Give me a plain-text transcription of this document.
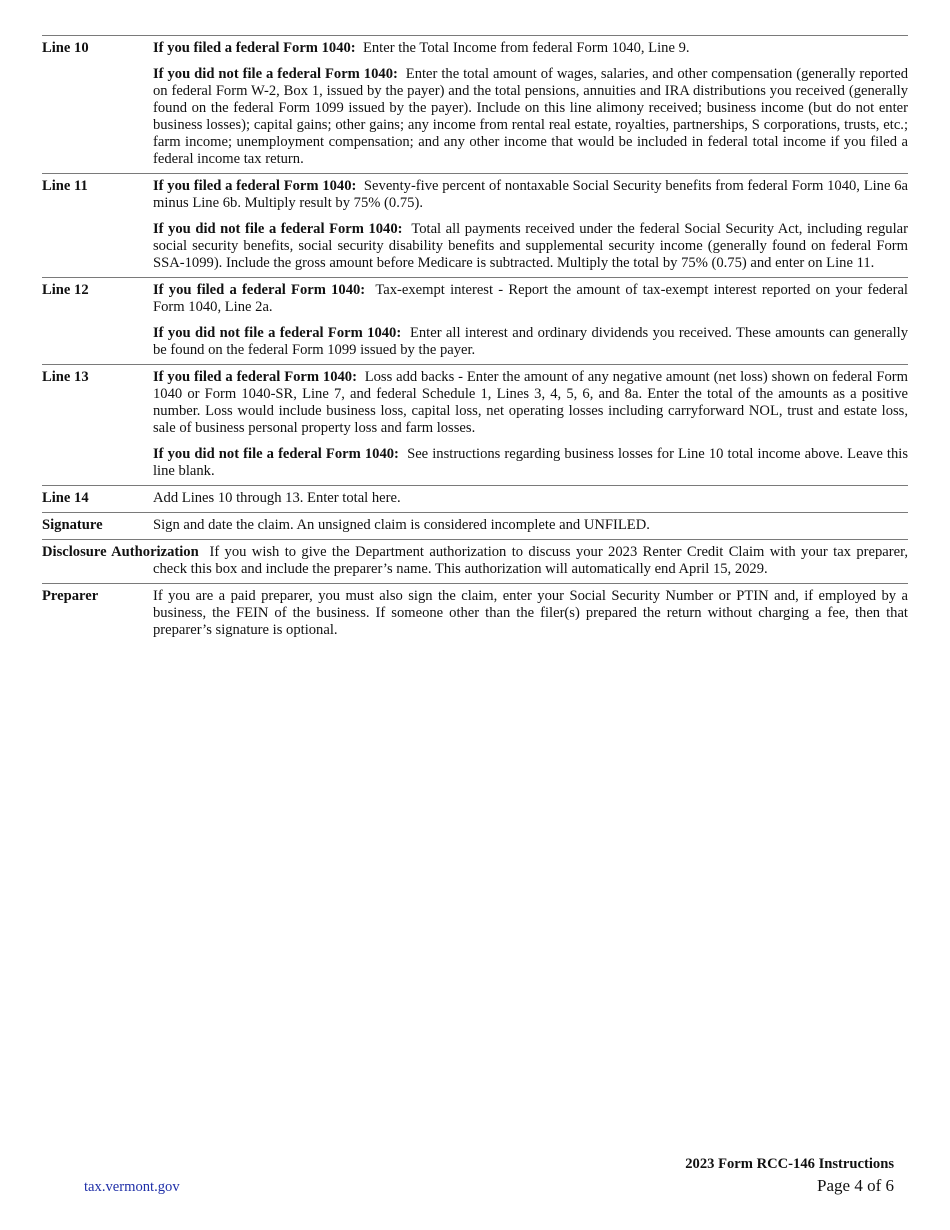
Line 10	If you filed a federal Form 1040: Enter the Total Income from federal Form 1040, Line 9.

If you did not file a federal Form 1040: Enter the total amount of wages, salaries, and other compensation (generally reported on federal Form W-2, Box 1, issued by the payer) and the total pensions, annuities and IRA distributions you received (generally found on the federal Form 1099 issued by the payer). Include on this line alimony received; business income (but do not enter business losses); capital gains; other gains; any income from rental real estate, royalties, partnerships, S corporations, trusts, etc.; farm income; unemployment compensation; and any other income that would be included in federal total income if you filed a federal income tax return.

Line 11	If you filed a federal Form 1040: Seventy-five percent of nontaxable Social Security benefits from federal Form 1040, Line 6a minus Line 6b. Multiply result by 75% (0.75).

If you did not file a federal Form 1040: Total all payments received under the federal Social Security Act, including regular social security benefits, social security disability benefits and supplemental security income (generally found on federal Form SSA-1099). Include the gross amount before Medicare is subtracted. Multiply the total by 75% (0.75) and enter on Line 11.

Line 12	If you filed a federal Form 1040: Tax-exempt interest - Report the amount of tax-exempt interest reported on your federal Form 1040, Line 2a.

If you did not file a federal Form 1040: Enter all interest and ordinary dividends you received. These amounts can generally be found on the federal Form 1099 issued by the payer.

Line 13	If you filed a federal Form 1040: Loss add backs - Enter the amount of any negative amount (net loss) shown on federal Form 1040 or Form 1040-SR, Line 7, and federal Schedule 1, Lines 3, 4, 5, 6, and 8a. Enter the total of the amounts as a positive number. Loss would include business loss, capital loss, net operating losses including carryforward NOL, trust and estate loss, sale of business personal property loss and farm losses.

If you did not file a federal Form 1040: See instructions regarding business losses for Line 10 total income above. Leave this line blank.

Line 14	Add Lines 10 through 13. Enter total here.

Signature	Sign and date the claim. An unsigned claim is considered incomplete and UNFILED.

Disclosure Authorization If you wish to give the Department authorization to discuss your 2023 Renter Credit Claim with your tax preparer, check this box and include the preparer’s name. This authorization will automatically end April 15, 2029.
Preparer	If you are a paid preparer, you must also sign the claim, enter your Social Security Number or PTIN and, if employed by a business, the FEIN of the business. If someone other than the filer(s) prepared the return without charging a fee, then that preparer’s signature is optional.

2023 Form RCC-146 Instructions
Page 4 of 6
tax.vermont.gov
